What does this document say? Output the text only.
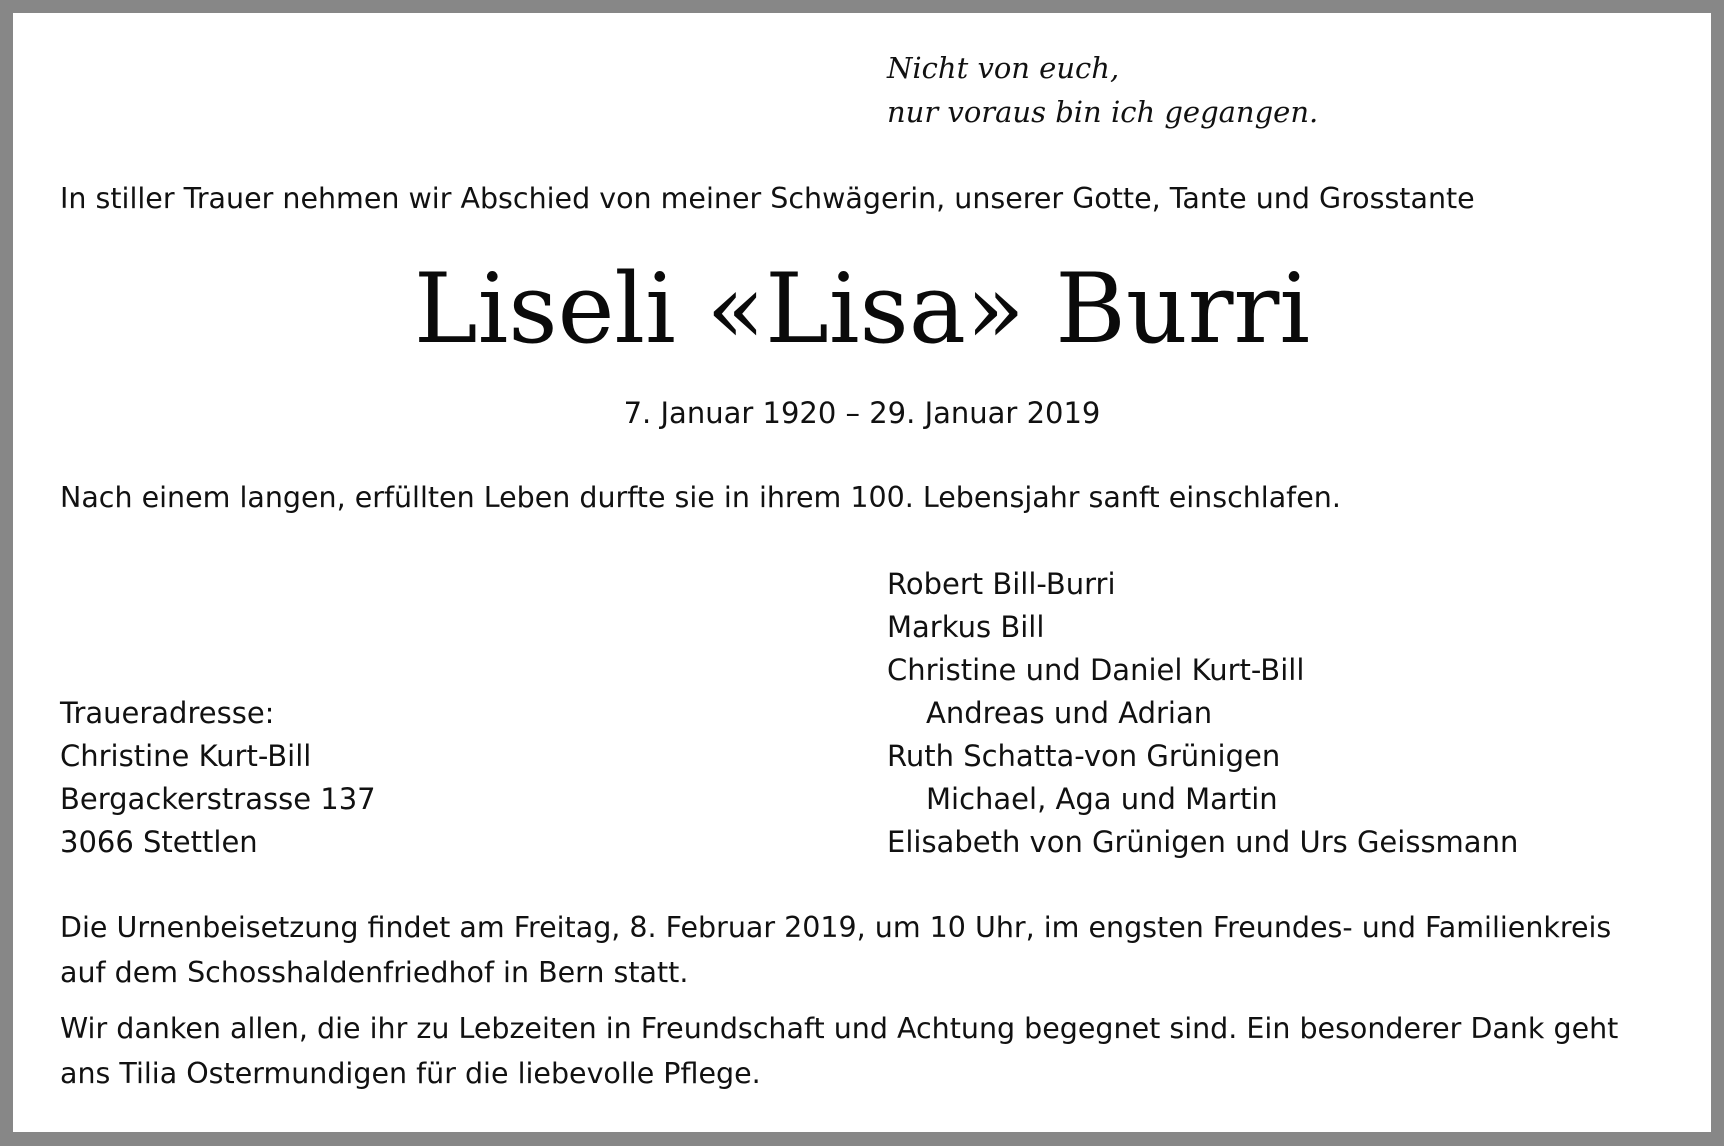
Nicht von euch,
nur voraus bin ich gegangen.
In stiller Trauer nehmen wir Abschied von meiner Schwägerin, unserer Gotte, Tante und Grosstante
Liseli «Lisa» Burri
7. Januar 1920 – 29. Januar 2019
Nach einem langen, erfüllten Leben durfte sie in ihrem 100. Lebensjahr sanft einschlafen.
Robert Bill-Burri
Markus Bill
Christine und Daniel Kurt-Bill
Andreas und Adrian
Ruth Schatta-von Grünigen
Michael, Aga und Martin
Elisabeth von Grünigen und Urs Geissmann
Traueradresse:
Christine Kurt-Bill
Bergackerstrasse 137
3066 Stettlen
Die Urnenbeisetzung findet am Freitag, 8. Februar 2019, um 10 Uhr, im engsten Freundes- und Familienkreis
auf dem Schosshaldenfriedhof in Bern statt.
Wir danken allen, die ihr zu Lebzeiten in Freundschaft und Achtung begegnet sind. Ein besonderer Dank geht
ans Tilia Ostermundigen für die liebevolle Pflege.
